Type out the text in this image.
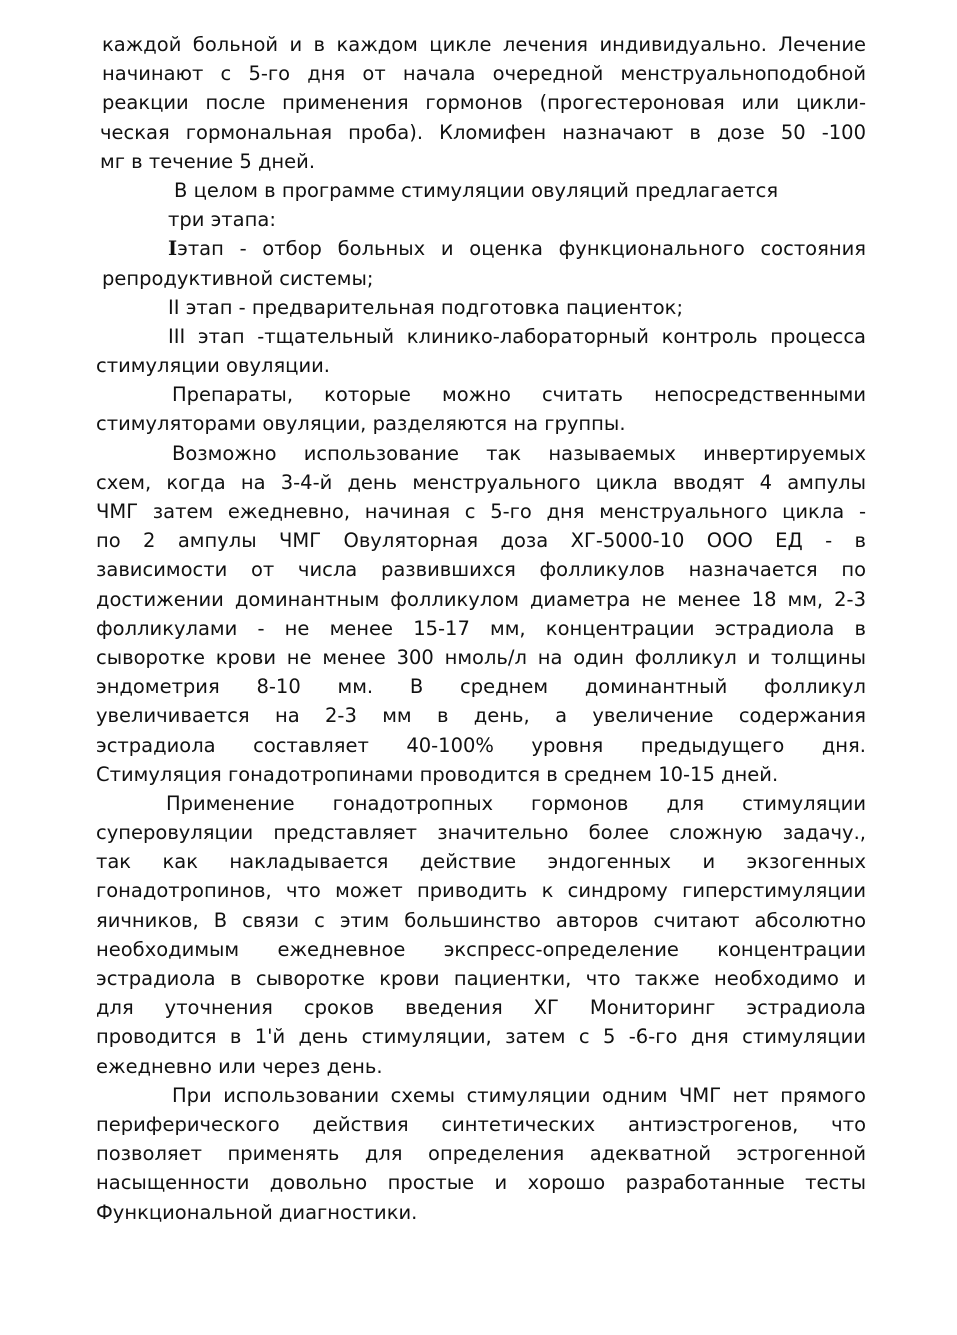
каждой больной и в каждом цикле лечения индивидуально. Лечение
начинают с 5-го дня от начала очередной менструальноподобной
реакции после применения гормонов (прогестероновая или цикли-
ческая гормональная проба). Кломифен назначают в дозе 50 -100
мг в течение 5 дней.
В целом в программе стимуляции овуляций предлагается
три этапа:
Iэтап - отбор больных и оценка функционального состояния
репродуктивной системы;
II этап - предварительная подготовка пациенток;
III этап -тщательный клинико-лабораторный контроль процесса
стимуляции овуляции.
Препараты, которые можно считать непосредственными
стимуляторами овуляции, разделяются на группы.
Возможно использование так называемых инвертируемых
схем, когда на 3-4-й день менструального цикла вводят 4 ампулы
ЧМГ затем ежедневно, начиная с 5-го дня менструального цикла -
по 2 ампулы ЧМГ Овуляторная доза ХГ-5000-10 ООО ЕД - в
зависимости от числа развившихся фолликулов назначается по
достижении доминантным фолликулом диаметра не менее 18 мм, 2-3
фолликулами - не менее 15-17 мм, концентрации эстрадиола в
сыворотке крови не менее 300 нмоль/л на один фолликул и толщины
эндометрия 8-10 мм. В среднем доминантный фолликул
увеличивается на 2-3 мм в день, а увеличение содержания
эстрадиола составляет 40-100% уровня предыдущего дня.
Стимуляция гонадотропинами проводится в среднем 10-15 дней.
Применение гонадотропных гормонов для стимуляции
суперовуляции представляет значительно более сложную задачу.,
так как накладывается действие эндогенных и экзогенных
гонадотропинов, что может приводить к синдрому гиперстимуляции
яичников, В связи с этим большинство авторов считают абсолютно
необходимым ежедневное экспресс-определение концентрации
эстрадиола в сыворотке крови пациентки, что также необходимо и
для уточнения сроков введения ХГ Мониторинг эстрадиола
проводится в 1'й день стимуляции, затем с 5 -6-го дня стимуляции
ежедневно или через день.
При использовании схемы стимуляции одним ЧМГ нет прямого
периферического действия синтетических антиэстрогенов, что
позволяет применять для определения адекватной эстрогенной
насыщенности довольно простые и хорошо разработанные тесты
Функциональной диагностики.
